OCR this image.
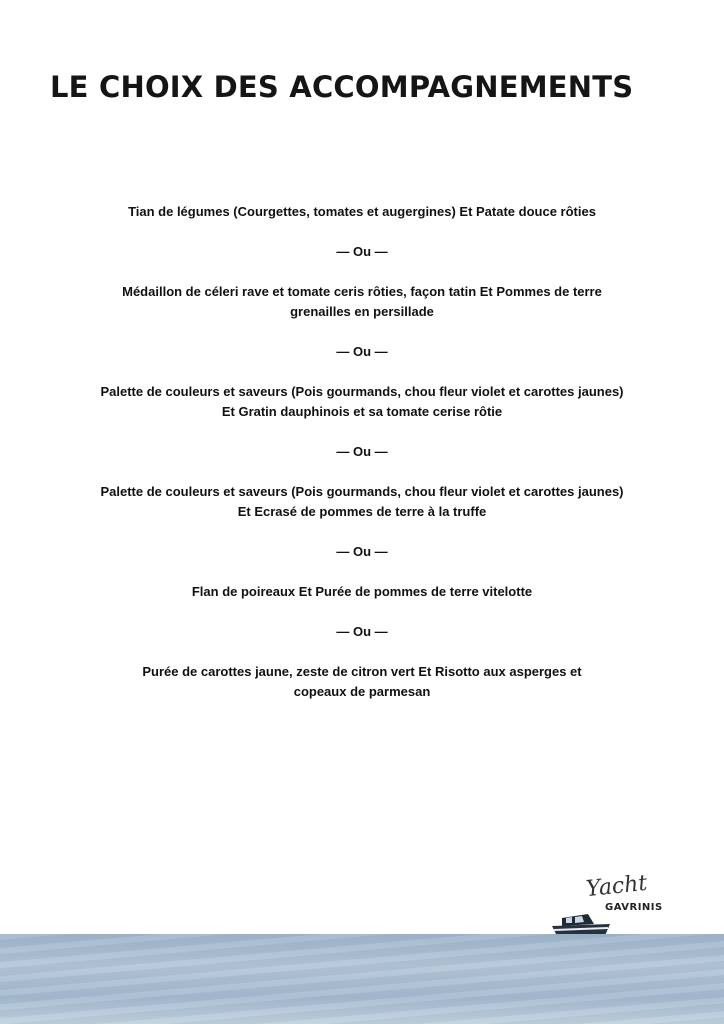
LE CHOIX DES ACCOMPAGNEMENTS

Tian de légumes (Courgettes, tomates et augergines) Et Patate douce rôties

— Ou —

Médaillon de céleri rave et tomate ceris rôties, façon tatin Et Pommes de terre grenailles en persillade

— Ou —

Palette de couleurs et saveurs (Pois gourmands, chou fleur violet et carottes jaunes) Et Gratin dauphinois et sa tomate cerise rôtie

— Ou —

Palette de couleurs et saveurs (Pois gourmands, chou fleur violet et carottes jaunes) Et Ecrasé de pommes de terre à la truffe

— Ou —

Flan de poireaux Et Purée de pommes de terre vitelotte

— Ou —

Purée de carottes jaune, zeste de citron vert Et Risotto aux asperges et copeaux de parmesan

Yacht
GAVRINIS
